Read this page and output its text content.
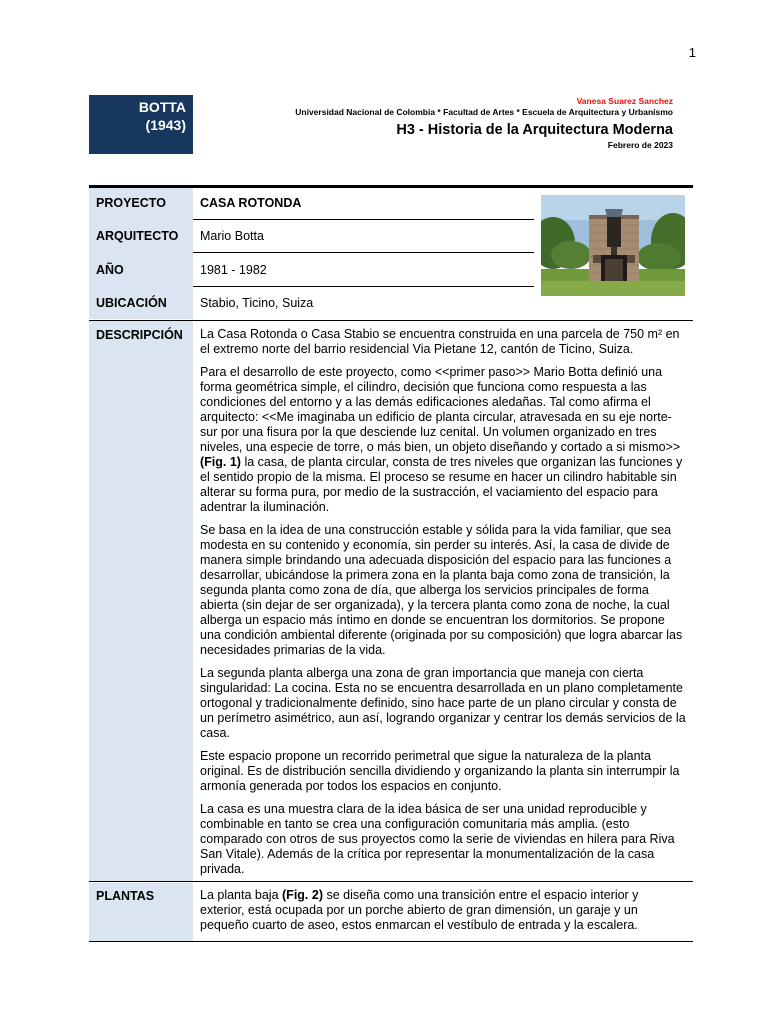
1
BOTTA
(1943)
Vanesa Suarez Sanchez
Universidad Nacional de Colombia * Facultad de Artes * Escuela de Arquitectura y Urbanismo
H3 - Historia de la Arquitectura Moderna
Febrero de 2023
PROYECTO	CASA ROTONDA
ARQUITECTO Mario Botta
AÑO	1981 - 1982
UBICACIÓN	Stabio, Ticino, Suiza
DESCRIPCIÓN La Casa Rotonda o Casa Stabio se encuentra construida en una parcela de 750 m² en el extremo norte del barrio residencial Via Pietane 12, cantón de Ticino, Suiza.

Para el desarrollo de este proyecto, como <<primer paso>> Mario Botta definió una forma geométrica simple, el cilindro, decisión que funciona como respuesta a las condiciones del entorno y a las demás edificaciones aledañas. Tal como afirma el arquitecto: <<Me imaginaba un edificio de planta circular, atravesada en su eje norte-sur por una fisura por la que desciende luz cenital. Un volumen organizado en tres niveles, una especie de torre, o más bien, un objeto diseñando y cortado a si mismo>> (Fig. 1) la casa, de planta circular, consta de tres niveles que organizan las funciones y el sentido propio de la misma. El proceso se resume en hacer un cilindro habitable sin alterar su forma pura, por medio de la sustracción, el vaciamiento del espacio para adentrar la iluminación.

Se basa en la idea de una construcción estable y sólida para la vida familiar, que sea modesta en su contenido y economía, sin perder su interés. Así, la casa de divide de manera simple brindando una adecuada disposición del espacio para las funciones a desarrollar, ubicándose la primera zona en la planta baja como zona de transición, la segunda planta como zona de día, que alberga los servicios principales de forma abierta (sin dejar de ser organizada), y la tercera planta como zona de noche, la cual alberga un espacio más íntimo en donde se encuentran los dormitorios. Se propone una condición ambiental diferente (originada por su composición) que logra abarcar las necesidades primarias de la vida.

La segunda planta alberga una zona de gran importancia que maneja con cierta singularidad: La cocina. Esta no se encuentra desarrollada en un plano completamente ortogonal y tradicionalmente definido, sino hace parte de un plano circular y consta de un perímetro asimétrico, aun así, logrando organizar y centrar los demás servicios de la casa.

Este espacio propone un recorrido perimetral que sigue la naturaleza de la planta original. Es de distribución sencilla dividiendo y organizando la planta sin interrumpir la armonía generada por todos los espacios en conjunto.

La casa es una muestra clara de la idea básica de ser una unidad reproducible y combinable en tanto se crea una configuración comunitaria más amplia. (esto comparado con otros de sus proyectos como la serie de viviendas en hilera para Riva San Vitale). Además de la crítica por representar la monumentalización de la casa privada.

PLANTAS	La planta baja (Fig. 2) se diseña como una transición entre el espacio interior y exterior, está ocupada por un porche abierto de gran dimensión, un garaje y un pequeño cuarto de aseo, estos enmarcan el vestíbulo de entrada y la escalera.
